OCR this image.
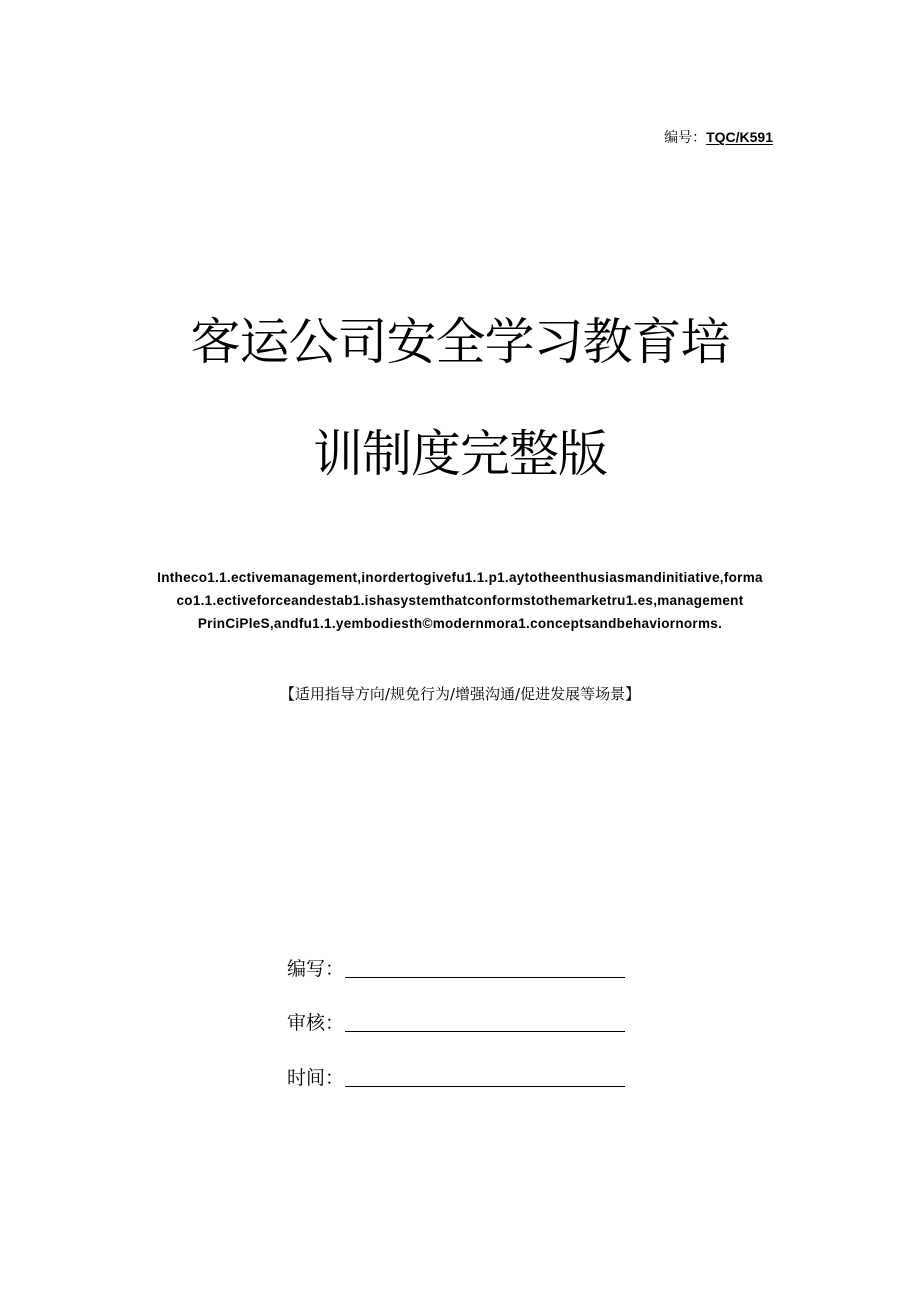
编号：TQC/K591
客运公司安全学习教育培
训制度完整版
Intheco1.1.ectivemanagement,inordertogivefu1.1.p1.aytotheenthusiasmandinitiative,forma
co1.1.ectiveforceandestab1.ishasystemthatconformstothemarketru1.es,management
PrinCiPleS,andfu1.1.yembodiesth©modernmora1.conceptsandbehaviornorms.
【适用指导方向/规免行为/增强沟通/促进发展等场景】
编写：
审核：
时间：
